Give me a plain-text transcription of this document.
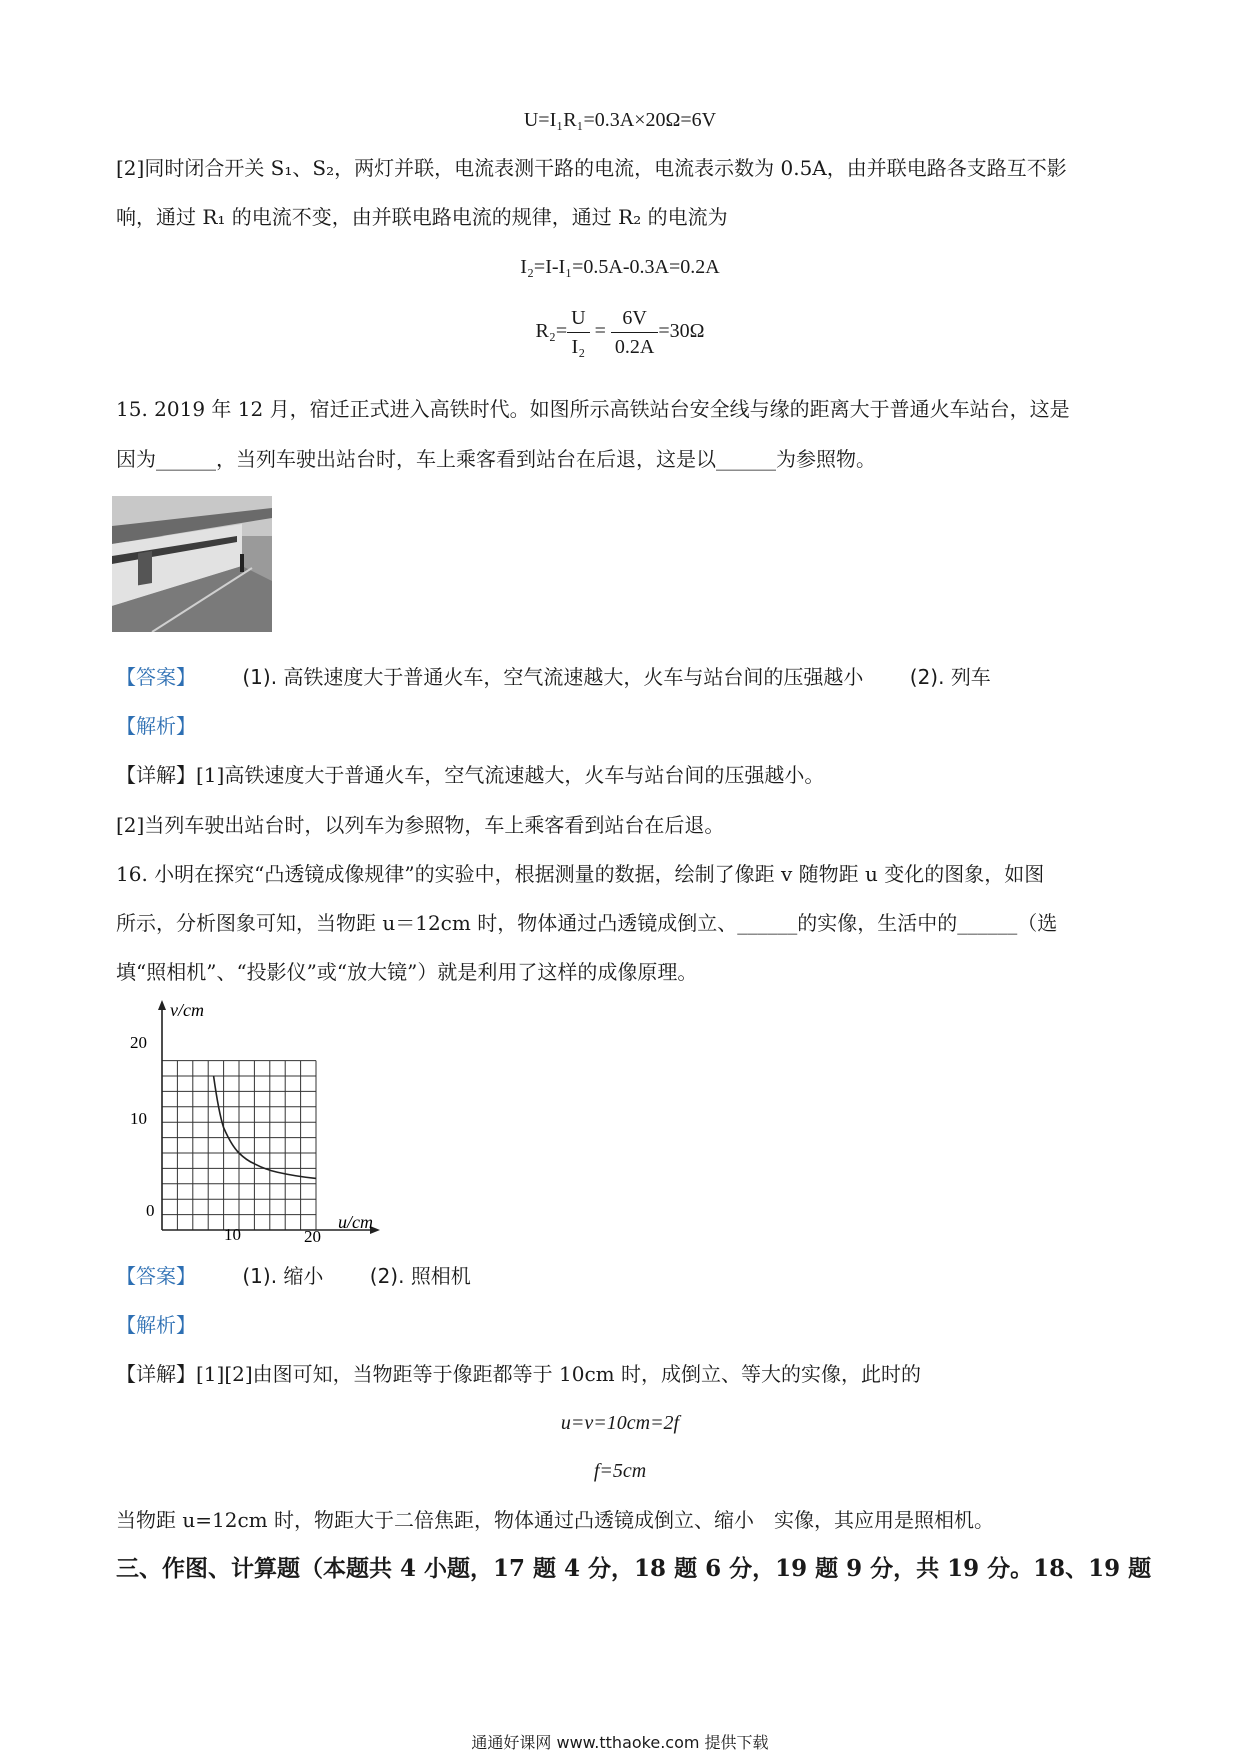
U=I₁R₁=0.3A×20Ω=6V
[2]同时闭合开关 S₁、S₂，两灯并联，电流表测干路的电流，电流表示数为 0.5A，由并联电路各支路互不影
响，通过 R₁ 的电流不变，由并联电路电流的规律，通过 R₂ 的电流为
I₂=I-I₁=0.5A-0.3A=0.2A
$R_2= \frac{U}{\text{I₂}} = \frac{6V}{0.2A} =30\Omega$
15. 2019 年 12 月，宿迁正式进入高铁时代。如图所示高铁站台安全线与缘的距离大于普通火车站台，这是
因为______，当列车驶出站台时，车上乘客看到站台在后退，这是以______为参照物。
【答案】 (1). 高铁速度大于普通火车，空气流速越大，火车与站台间的压强越小 (2). 列车
【解析】
【详解】[1]高铁速度大于普通火车，空气流速越大，火车与站台间的压强越小。
[2]当列车驶出站台时，以列车为参照物，车上乘客看到站台在后退。
16. 小明在探究“凸透镜成像规律”的实验中，根据测量的数据，绘制了像距 v 随物距 u 变化的图象，如图
所示，分析图象可知，当物距 u＝12cm 时，物体通过凸透镜成倒立、______的实像，生活中的______（选
填“照相机”、“投影仪”或“放大镜”）就是利用了这样的成像原理。
v/cm
u/cm
20
10
0
10	20
【答案】 (1). 缩小 (2). 照相机
【解析】
【详解】[1][2]由图可知，当物距等于像距都等于 10cm 时，成倒立、等大的实像，此时的
u=v=10cm=2f
f=5cm
当物距 u=12cm 时，物距大于二倍焦距，物体通过凸透镜成倒立、缩小　实像，其应用是照相机。
三、作图、计算题（本题共 4 小题，17 题 4 分，18 题 6 分，19 题 9 分，共 19 分。18、19 题
通通好课网 www.tthaoke.com 提供下载
